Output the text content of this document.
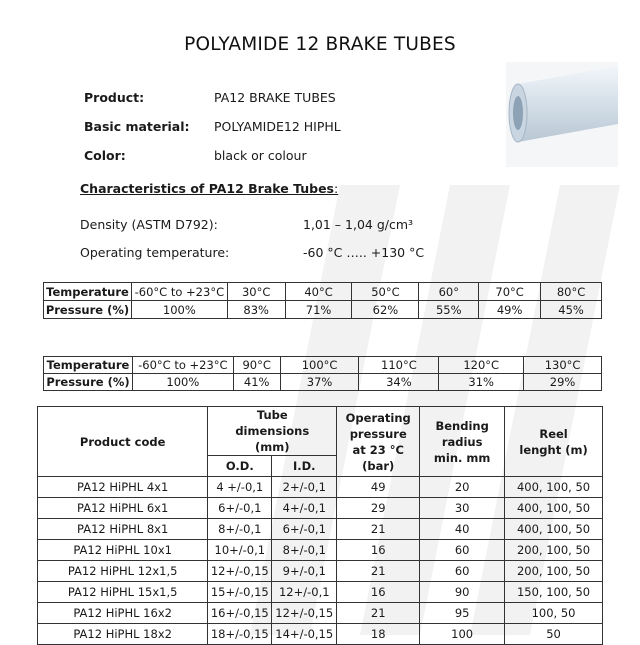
POLYAMIDE 12 BRAKE TUBES
Product:	PA12 BRAKE TUBES
Basic material:	POLYAMIDE12 HIPHL
Color:	black or colour
Characteristics of PA12 Brake Tubes:
Density (ASTM D792):	1,01 – 1,04 g/cm³
Operating temperature:	-60 °C ….. +130 °C
Temperature	-60°C to +23°C	30°C	40°C	50°C	60°	70°C	80°C
Pressure (%)	100%	83%	71%	62%	55%	49%	45%
Temperature	-60°C to +23°C	90°C	100°C	110°C	120°C	130°C
Pressure (%)	100%	41%	37%	34%	31%	29%
Product code	Tube dimensions (mm)		Operating pressure at 23 °C (bar)	Bending radius min. mm	Reel lenght (m)
	O.D.	I.D.			
PA12 HiPHL 4x1	4 +/-0,1	2+/-0,1	49	20	400, 100, 50
PA12 HiPHL 6x1	6+/-0,1	4+/-0,1	29	30	400, 100, 50
PA12 HiPHL 8x1	8+/-0,1	6+/-0,1	21	40	400, 100, 50
PA12 HiPHL 10x1	10+/-0,1	8+/-0,1	16	60	200, 100, 50
PA12 HiPHL 12x1,5	12+/-0,15	9+/-0,1	21	60	200, 100, 50
PA12 HiPHL 15x1,5	15+/-0,15	12+/-0,1	16	90	150, 100, 50
PA12 HiPHL 16x2	16+/-0,15	12+/-0,15	21	95	100, 50
PA12 HiPHL 18x2	18+/-0,15	14+/-0,15	18	100	50
